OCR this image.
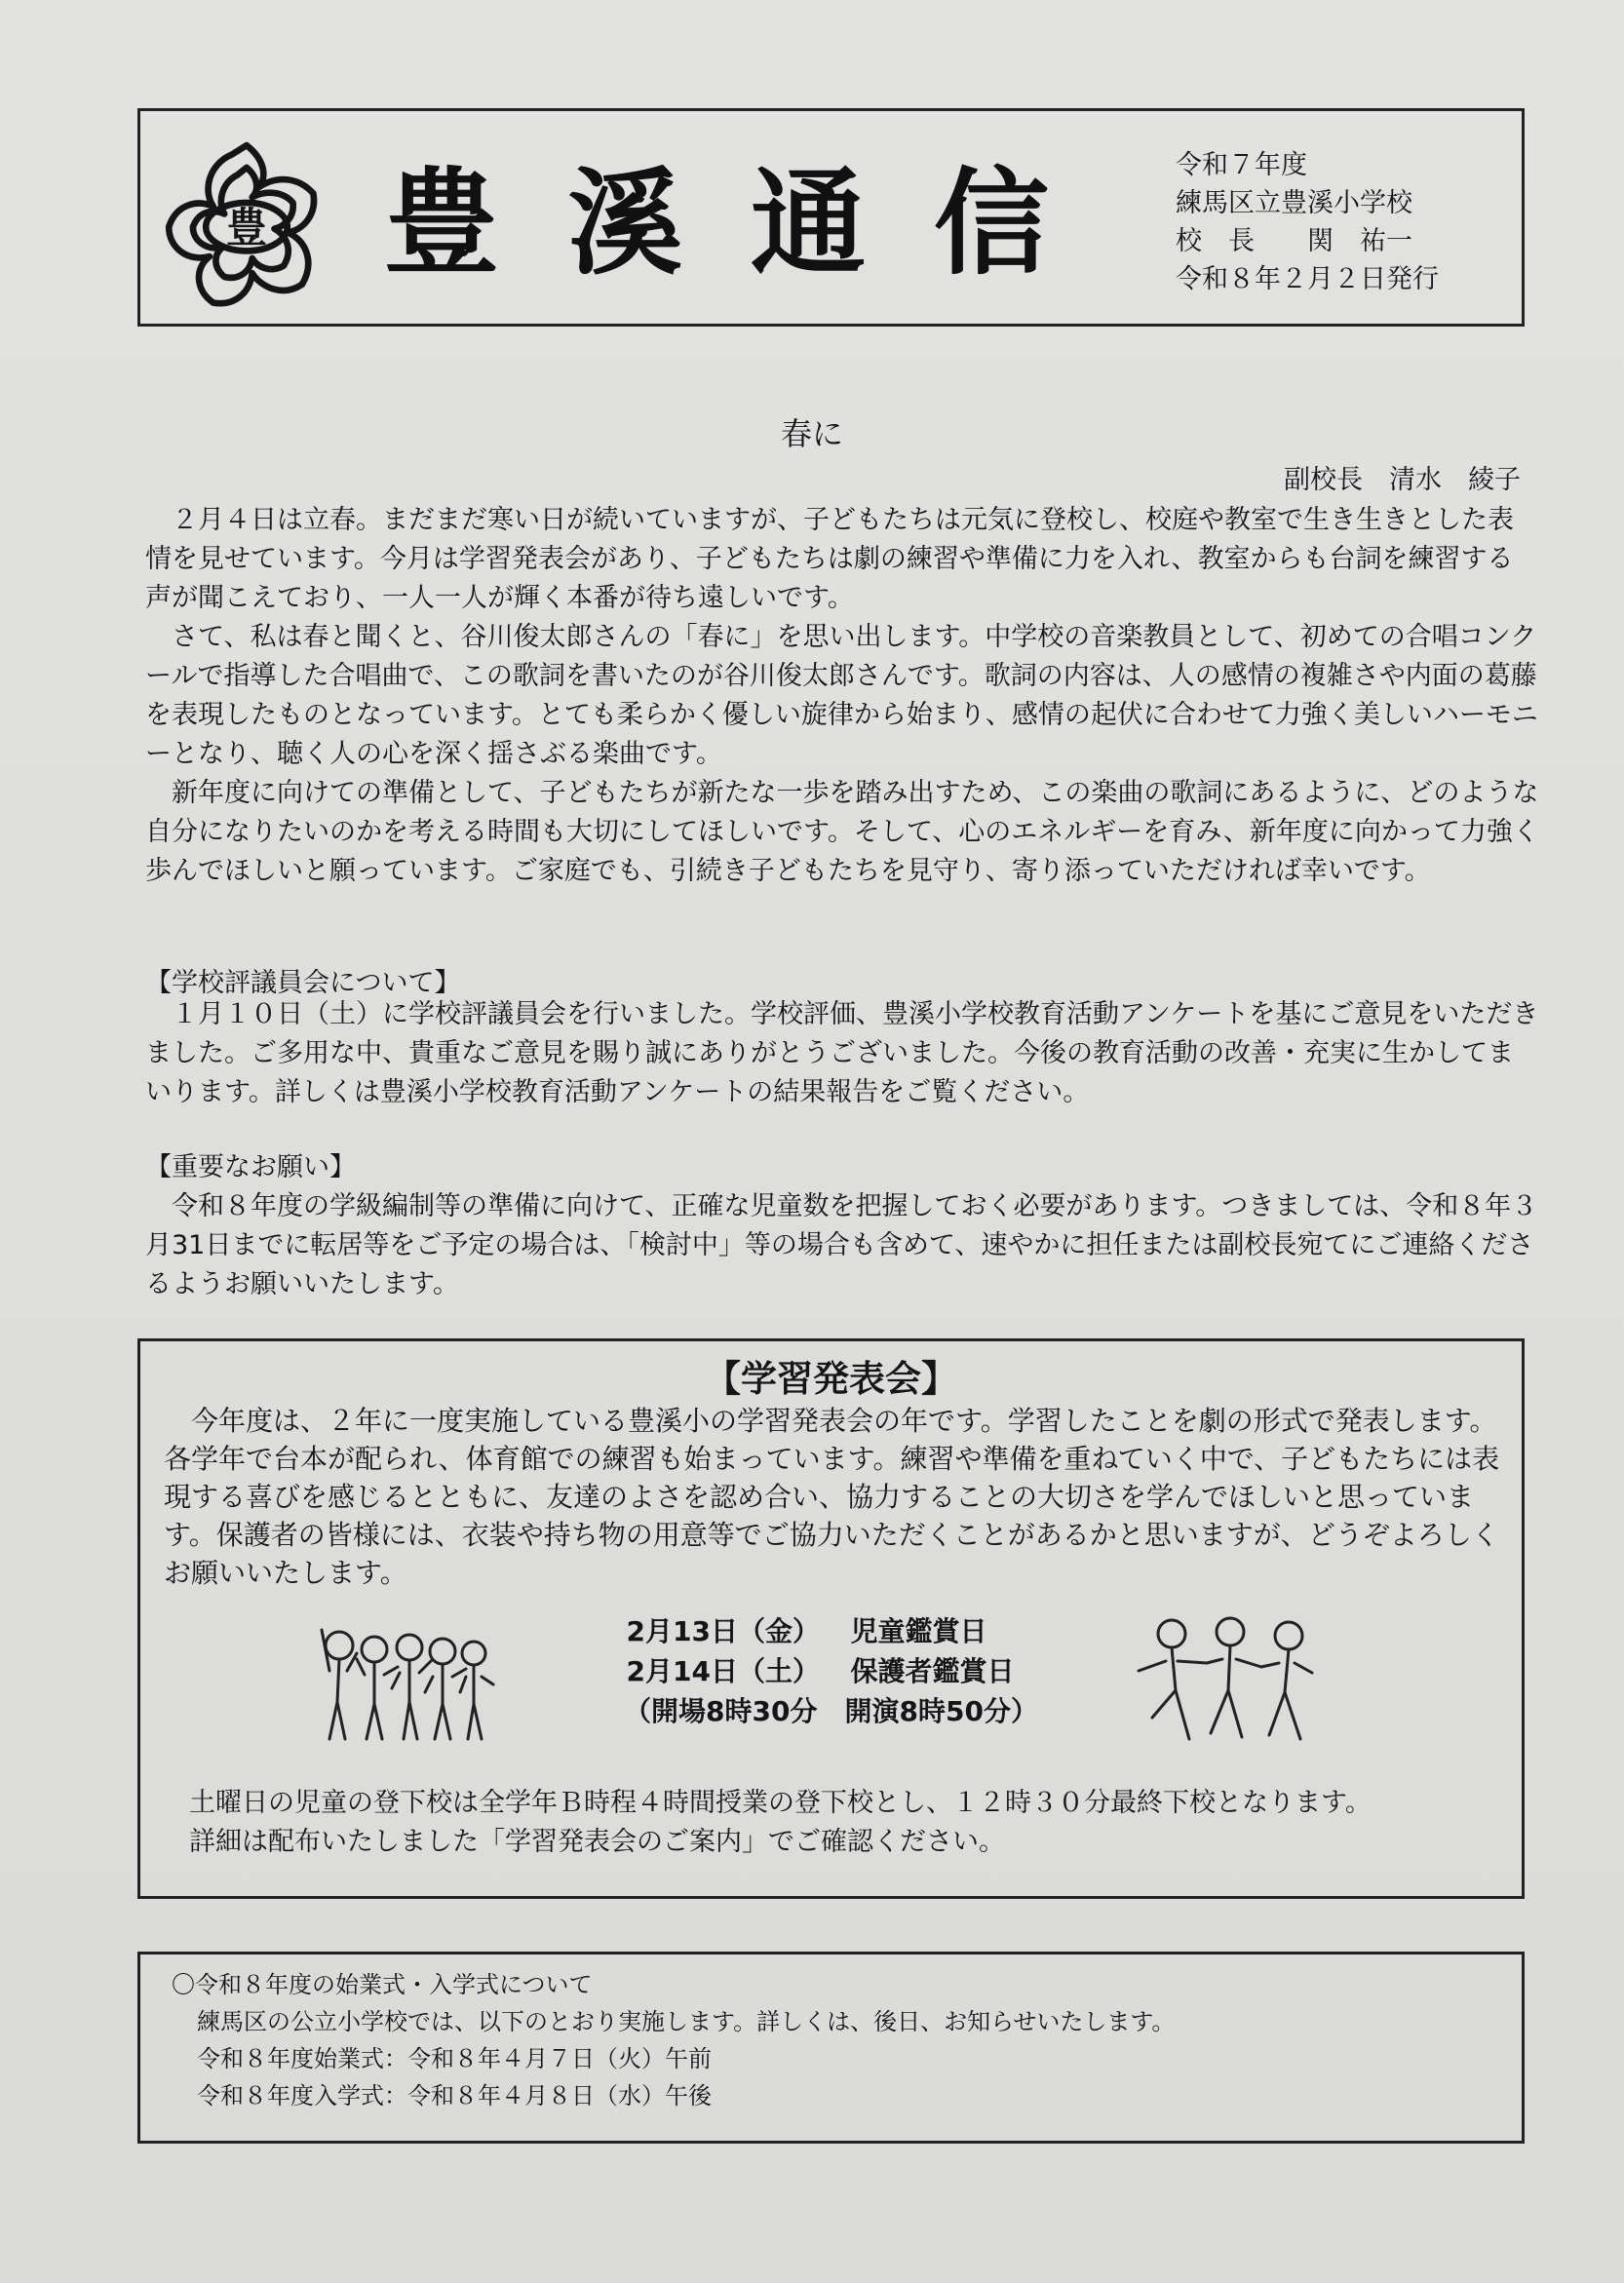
豊 豊溪通信	令和７年度
練馬区立豊溪小学校
校　長　　関　祐一
令和８年２月２日発行
春に
副校長　清水　綾子

２月４日は立春。まだまだ寒い日が続いていますが、子どもたちは元気に登校し、校庭や教室で生き生きとした表情を見せています。今月は学習発表会があり、子どもたちは劇の練習や準備に力を入れ、教室からも台詞を練習する声が聞こえており、一人一人が輝く本番が待ち遠しいです。

さて、私は春と聞くと、谷川俊太郎さんの「春に」を思い出します。中学校の音楽教員として、初めての合唱コンクールで指導した合唱曲で、この歌詞を書いたのが谷川俊太郎さんです。歌詞の内容は、人の感情の複雑さや内面の葛藤を表現したものとなっています。とても柔らかく優しい旋律から始まり、感情の起伏に合わせて力強く美しいハーモニーとなり、聴く人の心を深く揺さぶる楽曲です。

新年度に向けての準備として、子どもたちが新たな一歩を踏み出すため、この楽曲の歌詞にあるように、どのような自分になりたいのかを考える時間も大切にしてほしいです。そして、心のエネルギーを育み、新年度に向かって力強く歩んでほしいと願っています。ご家庭でも、引続き子どもたちを見守り、寄り添っていただければ幸いです。

【学校評議員会について】

１月１０日（土）に学校評議員会を行いました。学校評価、豊溪小学校教育活動アンケートを基にご意見をいただきました。ご多用な中、貴重なご意見を賜り誠にありがとうございました。今後の教育活動の改善・充実に生かしてまいります。詳しくは豊溪小学校教育活動アンケートの結果報告をご覧ください。

【重要なお願い】

令和８年度の学級編制等の準備に向けて、正確な児童数を把握しておく必要があります。つきましては、令和８年３月31日までに転居等をご予定の場合は、「検討中」等の場合も含めて、速やかに担任または副校長宛てにご連絡くださるようお願いいたします。

【学習発表会】

今年度は、２年に一度実施している豊溪小の学習発表会の年です。学習したことを劇の形式で発表します。各学年で台本が配られ、体育館での練習も始まっています。練習や準備を重ねていく中で、子どもたちには表現する喜びを感じるとともに、友達のよさを認め合い、協力することの大切さを学んでほしいと思っています。保護者の皆様には、衣装や持ち物の用意等でご協力いただくことがあるかと思いますが、どうぞよろしくお願いいたします。

2月13日（金） 児童鑑賞日
2月14日（土） 保護者鑑賞日
（開場8時30分　開演8時50分）
土曜日の児童の登下校は全学年Ｂ時程４時間授業の登下校とし、１２時３０分最終下校となります。
詳細は配布いたしました「学習発表会のご案内」でご確認ください。
〇令和８年度の始業式・入学式について
練馬区の公立小学校では、以下のとおり実施します。詳しくは、後日、お知らせいたします。
令和８年度始業式：令和８年４月７日（火）午前
令和８年度入学式：令和８年４月８日（水）午後
